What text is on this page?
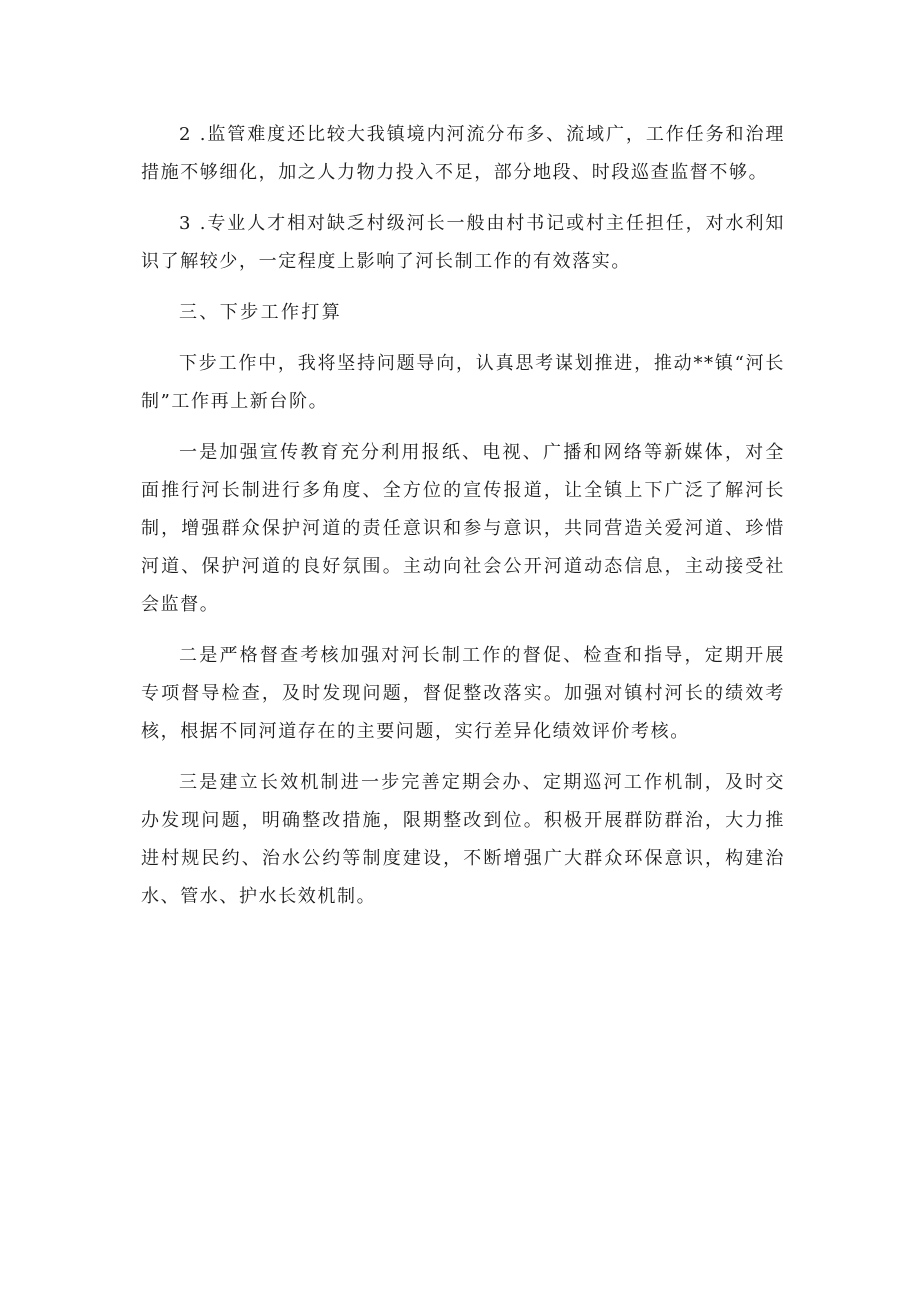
2 .监管难度还比较大我镇境内河流分布多、流域广，工作任务和治理措施不够细化，加之人力物力投入不足，部分地段、时段巡查监督不够。

3 .专业人才相对缺乏村级河长一般由村书记或村主任担任，对水利知识了解较少，一定程度上影响了河长制工作的有效落实。

三、下步工作打算

下步工作中，我将坚持问题导向，认真思考谋划推进，推动**镇“河长制”工作再上新台阶。

一是加强宣传教育充分利用报纸、电视、广播和网络等新媒体，对全面推行河长制进行多角度、全方位的宣传报道，让全镇上下广泛了解河长制，增强群众保护河道的责任意识和参与意识，共同营造关爱河道、珍惜河道、保护河道的良好氛围。主动向社会公开河道动态信息，主动接受社会监督。

二是严格督查考核加强对河长制工作的督促、检查和指导，定期开展专项督导检查，及时发现问题，督促整改落实。加强对镇村河长的绩效考核，根据不同河道存在的主要问题，实行差异化绩效评价考核。

三是建立长效机制进一步完善定期会办、定期巡河工作机制，及时交办发现问题，明确整改措施，限期整改到位。积极开展群防群治，大力推进村规民约、治水公约等制度建设，不断增强广大群众环保意识，构建治水、管水、护水长效机制。
